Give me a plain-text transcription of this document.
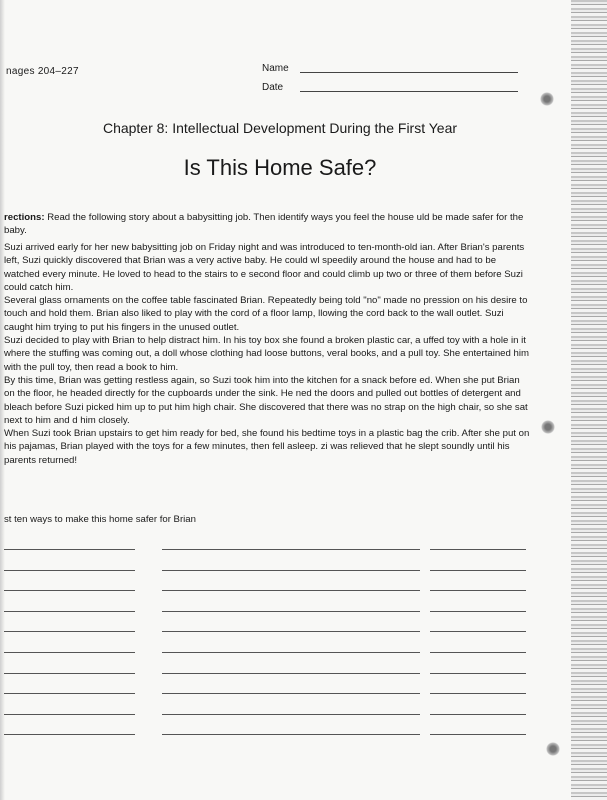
nages 204–227	Name
Date
Chapter 8: Intellectual Development During the First Year
Is This Home Safe?
rections: Read the following story about a babysitting job. Then identify ways you feel the house uld be made safer for the baby.

Suzi arrived early for her new babysitting job on Friday night and was introduced to ten-month-old ian. After Brian's parents left, Suzi quickly discovered that Brian was a very active baby. He could wl speedily around the house and had to be watched every minute. He loved to head to the stairs to e second floor and could climb up two or three of them before Suzi could catch him.

Several glass ornaments on the coffee table fascinated Brian. Repeatedly being told "no" made no pression on his desire to touch and hold them. Brian also liked to play with the cord of a floor lamp, llowing the cord back to the wall outlet. Suzi caught him trying to put his fingers in the unused outlet.

Suzi decided to play with Brian to help distract him. In his toy box she found a broken plastic car, a uffed toy with a hole in it where the stuffing was coming out, a doll whose clothing had loose buttons, veral books, and a pull toy. She entertained him with the pull toy, then read a book to him.

By this time, Brian was getting restless again, so Suzi took him into the kitchen for a snack before ed. When she put Brian on the floor, he headed directly for the cupboards under the sink. He ned the doors and pulled out bottles of detergent and bleach before Suzi picked him up to put him high chair. She discovered that there was no strap on the high chair, so she sat next to him and d him closely.

When Suzi took Brian upstairs to get him ready for bed, she found his bedtime toys in a plastic bag the crib. After she put on his pajamas, Brian played with the toys for a few minutes, then fell asleep. zi was relieved that he slept soundly until his parents returned!

st ten ways to make this home safer for Brian
